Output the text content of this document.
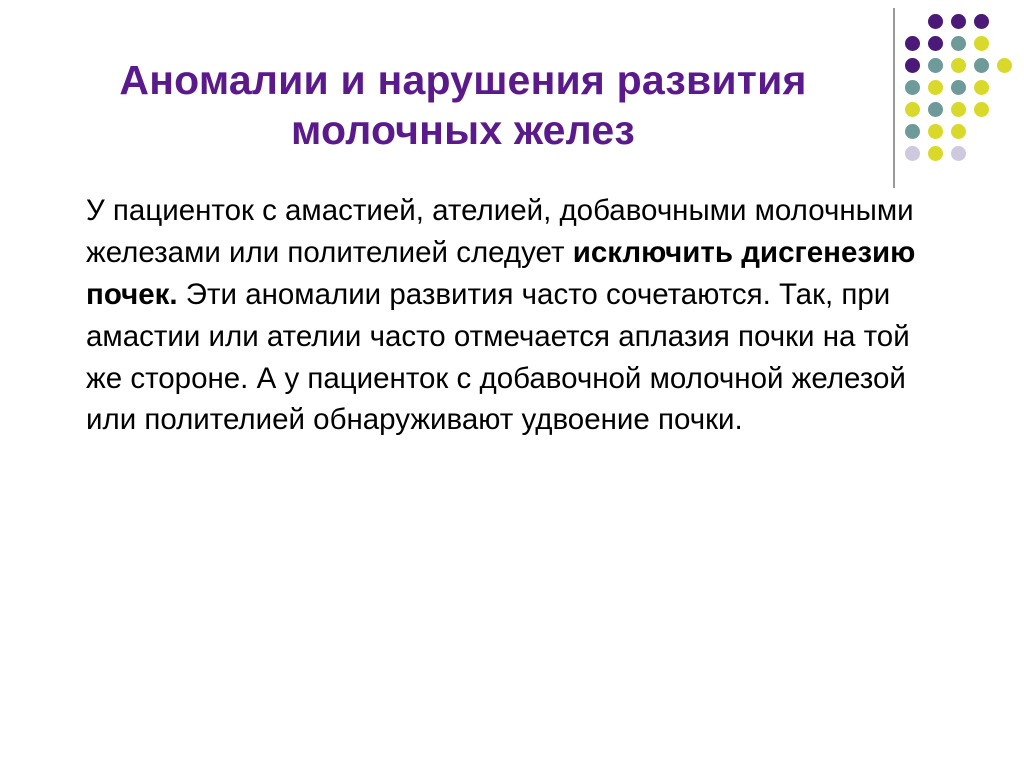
Аномалии и нарушения развития молочных желез
У пациенток с амастией, ателией, добавочными молочными железами или полителией следует исключить дисгенезию почек. Эти аномалии развития часто сочетаются. Так, при амастии или ателии часто отмечается аплазия почки на той же стороне. А у пациенток с добавочной молочной железой или полителией обнаруживают удвоение почки.
